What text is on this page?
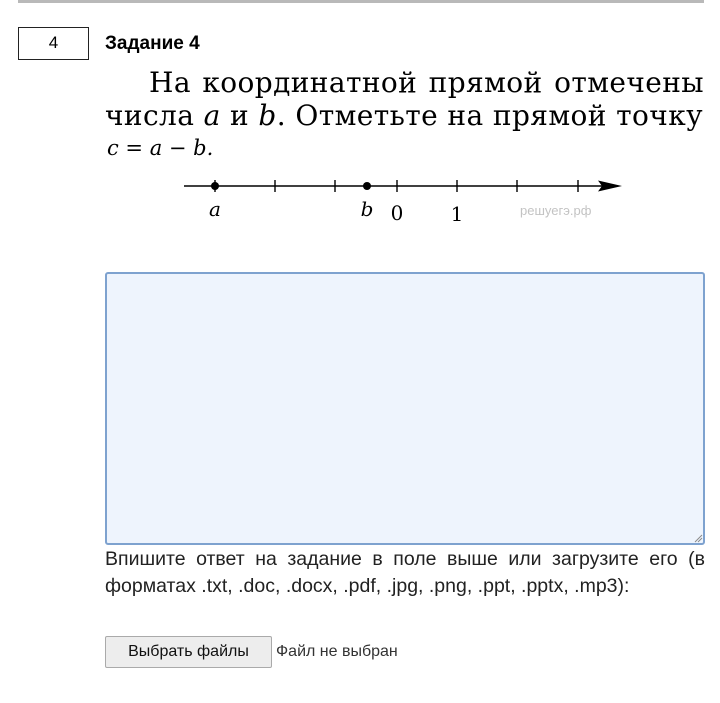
4	Задание 4
На координатной прямой отмечены числа a и b. Отметьте на прямой точку
c = a − b.
a	b 0 1	решуегэ.рф
Впишите ответ на задание в поле выше или загрузите его (в форматах .txt, .doc, .docx, .pdf, .jpg, .png, .ppt, .pptx, .mp3):
Выбрать файлы	Файл не выбран
